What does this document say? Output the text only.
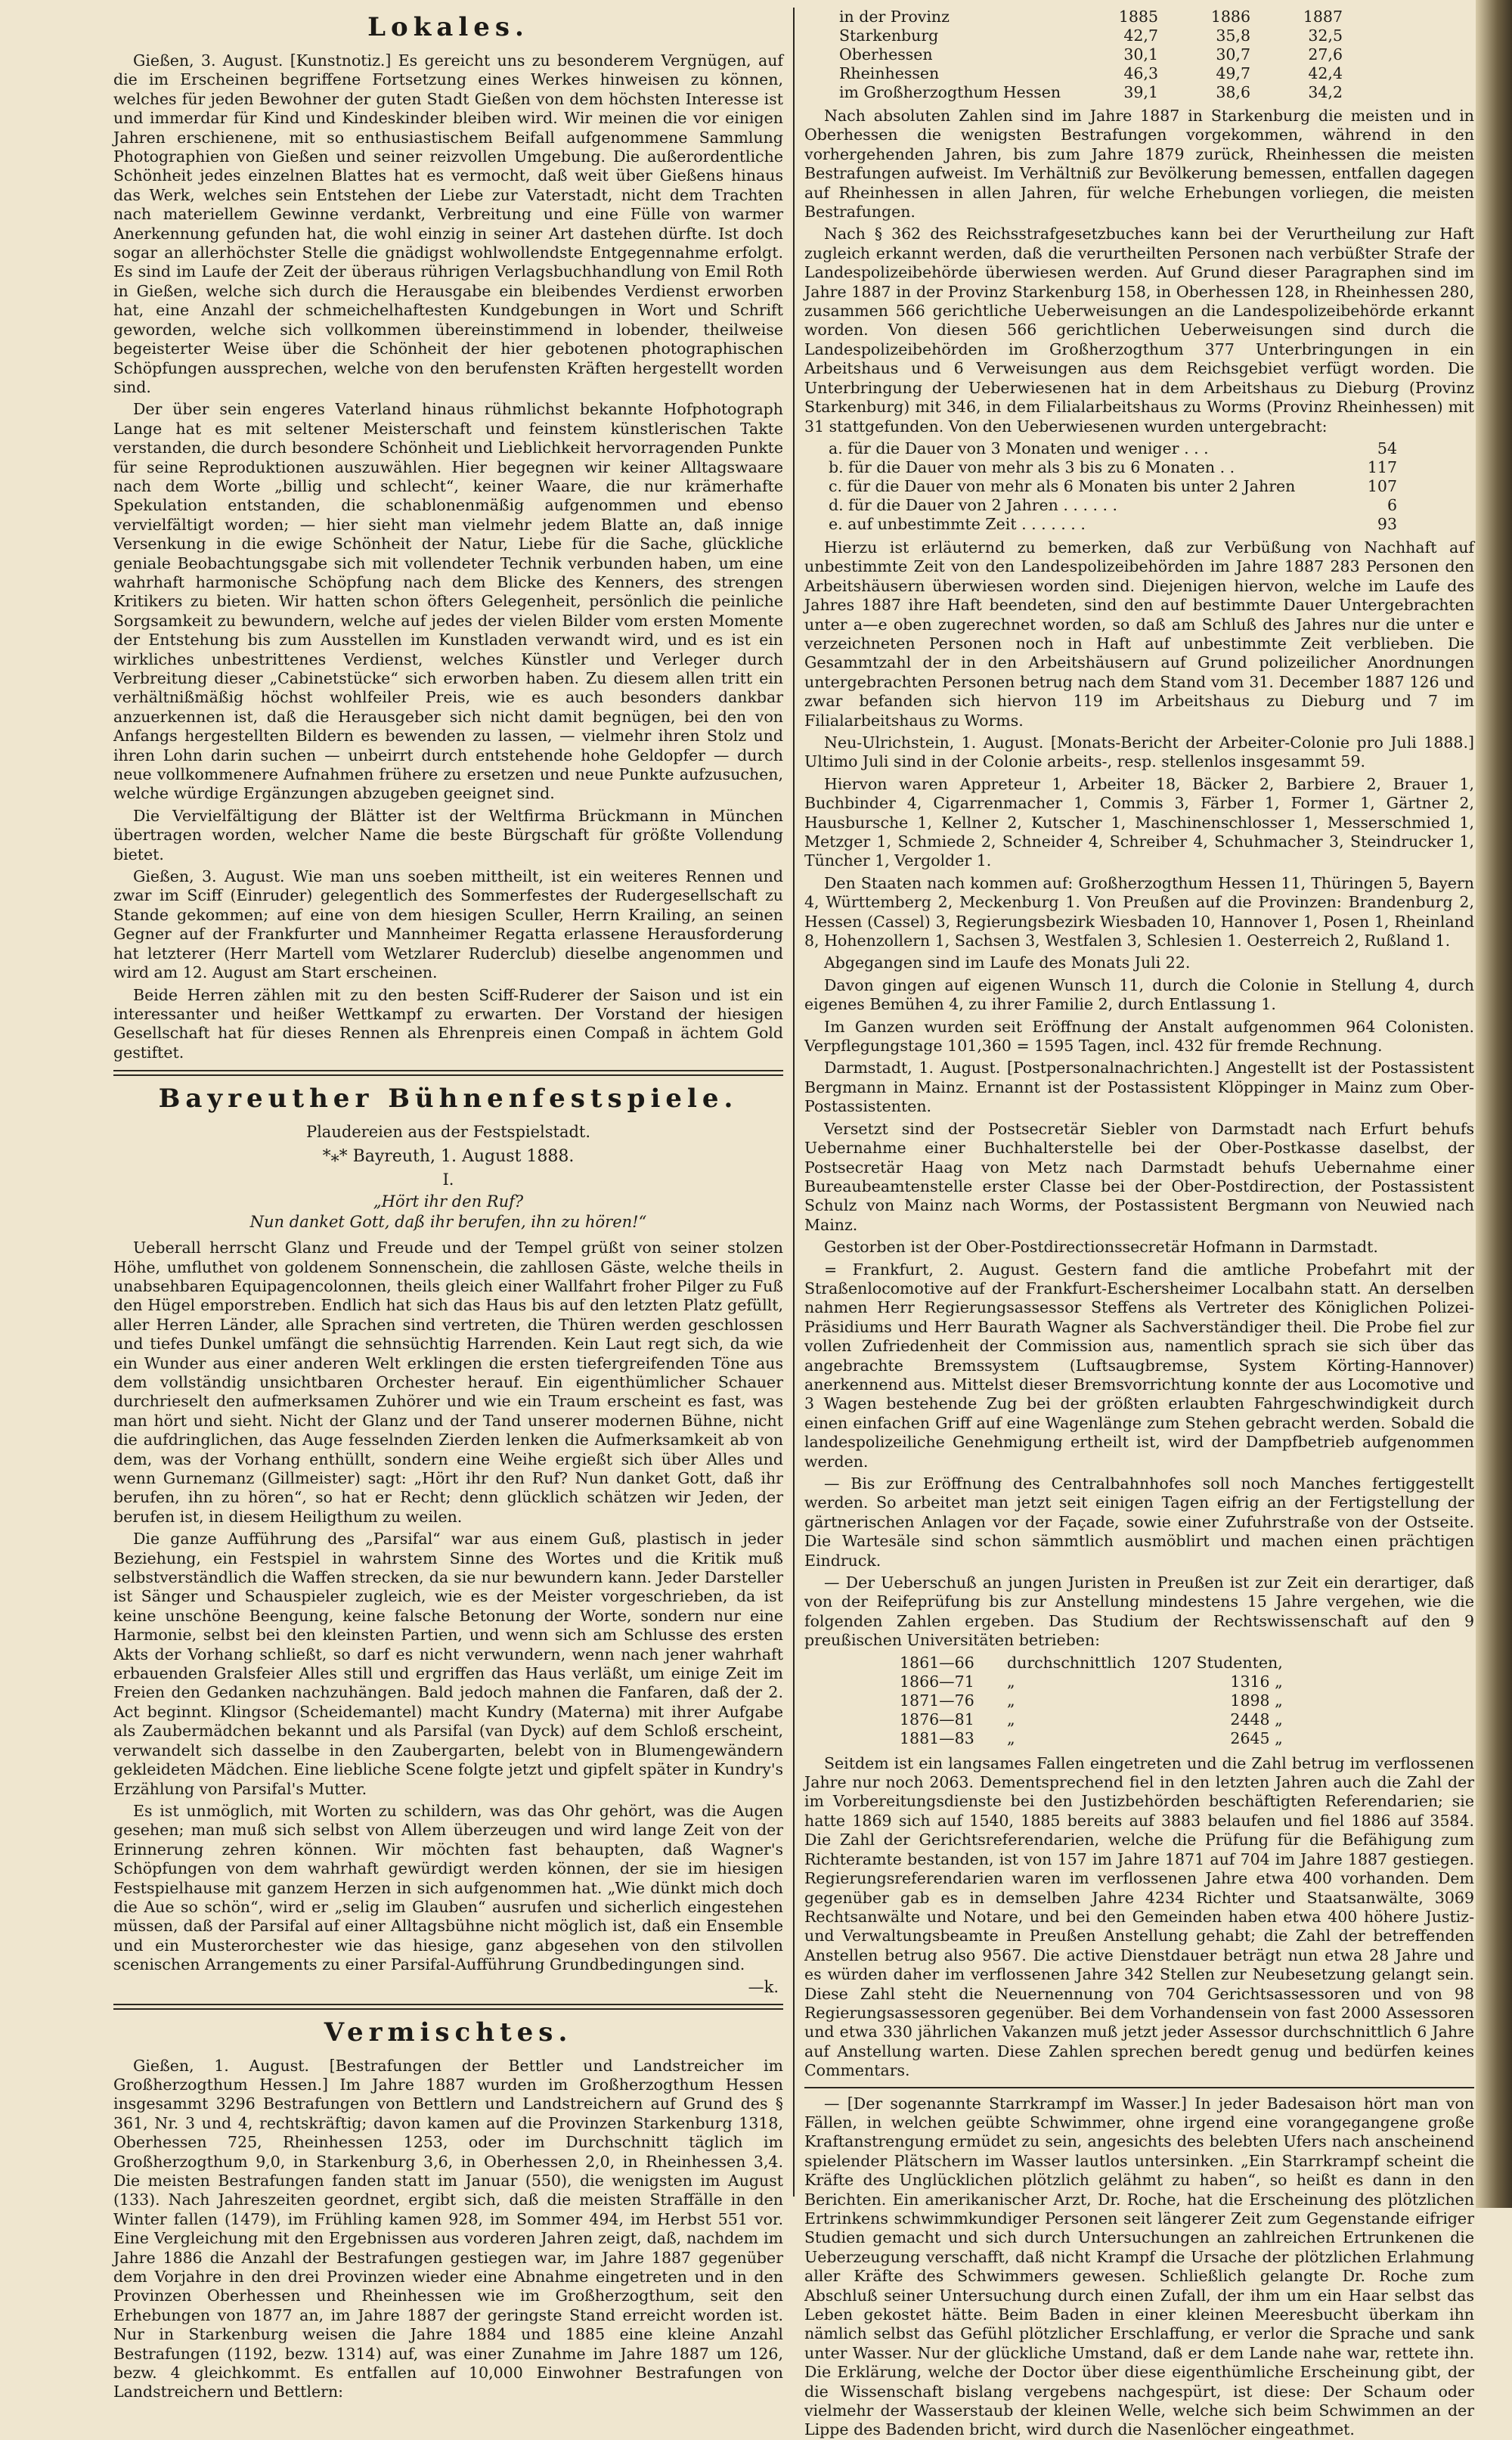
Lokales.

Gießen, 3. August. [Kunstnotiz.] Es gereicht uns zu besonderem Vergnügen, auf die im Erscheinen begriffene Fortsetzung eines Werkes hinweisen zu können, welches für jeden Bewohner der guten Stadt Gießen von dem höchsten Interesse ist und immerdar für Kind und Kindeskinder bleiben wird. Wir meinen die vor einigen Jahren erschienene, mit so enthusiastischem Beifall aufgenommene Sammlung Photographien von Gießen und seiner reizvollen Umgebung. Die außerordentliche Schönheit jedes einzelnen Blattes hat es vermocht, daß weit über Gießens hinaus das Werk, welches sein Entstehen der Liebe zur Vaterstadt, nicht dem Trachten nach materiellem Gewinne verdankt, Verbreitung und eine Fülle von warmer Anerkennung gefunden hat, die wohl einzig in seiner Art dastehen dürfte. Ist doch sogar an allerhöchster Stelle die gnädigst wohlwollendste Entgegennahme erfolgt. Es sind im Laufe der Zeit der überaus rührigen Verlagsbuchhandlung von Emil Roth in Gießen, welche sich durch die Herausgabe ein bleibendes Verdienst erworben hat, eine Anzahl der schmeichelhaftesten Kundgebungen in Wort und Schrift geworden, welche sich vollkommen übereinstimmend in lobender, theilweise begeisterter Weise über die Schönheit der hier gebotenen photographischen Schöpfungen aussprechen, welche von den berufensten Kräften hergestellt worden sind.

Der über sein engeres Vaterland hinaus rühmlichst bekannte Hofphotograph Lange hat es mit seltener Meisterschaft und feinstem künstlerischen Takte verstanden, die durch besondere Schönheit und Lieblichkeit hervorragenden Punkte für seine Reproduktionen auszuwählen. Hier begegnen wir keiner Alltagswaare nach dem Worte „billig und schlecht“, keiner Waare, die nur krämerhafte Spekulation entstanden, die schablonenmäßig aufgenommen und ebenso vervielfältigt worden; — hier sieht man vielmehr jedem Blatte an, daß innige Versenkung in die ewige Schönheit der Natur, Liebe für die Sache, glückliche geniale Beobachtungsgabe sich mit vollendeter Technik verbunden haben, um eine wahrhaft harmonische Schöpfung nach dem Blicke des Kenners, des strengen Kritikers zu bieten. Wir hatten schon öfters Gelegenheit, persönlich die peinliche Sorgsamkeit zu bewundern, welche auf jedes der vielen Bilder vom ersten Momente der Entstehung bis zum Ausstellen im Kunstladen verwandt wird, und es ist ein wirkliches unbestrittenes Verdienst, welches Künstler und Verleger durch Verbreitung dieser „Cabinetstücke“ sich erworben haben. Zu diesem allen tritt ein verhältnißmäßig höchst wohlfeiler Preis, wie es auch besonders dankbar anzuerkennen ist, daß die Herausgeber sich nicht damit begnügen, bei den von Anfangs hergestellten Bildern es bewenden zu lassen, — vielmehr ihren Stolz und ihren Lohn darin suchen — unbeirrt durch entstehende hohe Geldopfer — durch neue vollkommenere Aufnahmen frühere zu ersetzen und neue Punkte aufzusuchen, welche würdige Ergänzungen abzugeben geeignet sind.

Die Vervielfältigung der Blätter ist der Weltfirma Brückmann in München übertragen worden, welcher Name die beste Bürgschaft für größte Vollendung bietet.

Gießen, 3. August. Wie man uns soeben mittheilt, ist ein weiteres Rennen und zwar im Sciff (Einruder) gelegentlich des Sommerfestes der Rudergesellschaft zu Stande gekommen; auf eine von dem hiesigen Sculler, Herrn Krailing, an seinen Gegner auf der Frankfurter und Mannheimer Regatta erlassene Herausforderung hat letzterer (Herr Martell vom Wetzlarer Ruderclub) dieselbe angenommen und wird am 12. August am Start erscheinen.

Beide Herren zählen mit zu den besten Sciff-Ruderer der Saison und ist ein interessanter und heißer Wettkampf zu erwarten. Der Vorstand der hiesigen Gesellschaft hat für dieses Rennen als Ehrenpreis einen Compaß in ächtem Gold gestiftet.

Bayreuther Bühnenfestspiele.
Plaudereien aus der Festspielstadt.
*⁎* Bayreuth, 1. August 1888.
I.
„Hört ihr den Ruf?
Nun danket Gott, daß ihr berufen, ihn zu hören!“

Ueberall herrscht Glanz und Freude und der Tempel grüßt von seiner stolzen Höhe, umfluthet von goldenem Sonnenschein, die zahllosen Gäste, welche theils in unabsehbaren Equipagencolonnen, theils gleich einer Wallfahrt froher Pilger zu Fuß den Hügel emporstreben. Endlich hat sich das Haus bis auf den letzten Platz gefüllt, aller Herren Länder, alle Sprachen sind vertreten, die Thüren werden geschlossen und tiefes Dunkel umfängt die sehnsüchtig Harrenden. Kein Laut regt sich, da wie ein Wunder aus einer anderen Welt erklingen die ersten tiefergreifenden Töne aus dem vollständig unsichtbaren Orchester herauf. Ein eigenthümlicher Schauer durchrieselt den aufmerksamen Zuhörer und wie ein Traum erscheint es fast, was man hört und sieht. Nicht der Glanz und der Tand unserer modernen Bühne, nicht die aufdringlichen, das Auge fesselnden Zierden lenken die Aufmerksamkeit ab von dem, was der Vorhang enthüllt, sondern eine Weihe ergießt sich über Alles und wenn Gurnemanz (Gillmeister) sagt: „Hört ihr den Ruf? Nun danket Gott, daß ihr berufen, ihn zu hören“, so hat er Recht; denn glücklich schätzen wir Jeden, der berufen ist, in diesem Heiligthum zu weilen.

Die ganze Aufführung des „Parsifal“ war aus einem Guß, plastisch in jeder Beziehung, ein Festspiel in wahrstem Sinne des Wortes und die Kritik muß selbstverständlich die Waffen strecken, da sie nur bewundern kann. Jeder Darsteller ist Sänger und Schauspieler zugleich, wie es der Meister vorgeschrieben, da ist keine unschöne Beengung, keine falsche Betonung der Worte, sondern nur eine Harmonie, selbst bei den kleinsten Partien, und wenn sich am Schlusse des ersten Akts der Vorhang schließt, so darf es nicht verwundern, wenn nach jener wahrhaft erbauenden Gralsfeier Alles still und ergriffen das Haus verläßt, um einige Zeit im Freien den Gedanken nachzuhängen. Bald jedoch mahnen die Fanfaren, daß der 2. Act beginnt. Klingsor (Scheidemantel) macht Kundry (Materna) mit ihrer Aufgabe als Zaubermädchen bekannt und als Parsifal (van Dyck) auf dem Schloß erscheint, verwandelt sich dasselbe in den Zaubergarten, belebt von in Blumengewändern gekleideten Mädchen. Eine liebliche Scene folgte jetzt und gipfelt später in Kundry's Erzählung von Parsifal's Mutter.

Es ist unmöglich, mit Worten zu schildern, was das Ohr gehört, was die Augen gesehen; man muß sich selbst von Allem überzeugen und wird lange Zeit von der Erinnerung zehren können. Wir möchten fast behaupten, daß Wagner's Schöpfungen von dem wahrhaft gewürdigt werden können, der sie im hiesigen Festspielhause mit ganzem Herzen in sich aufgenommen hat. „Wie dünkt mich doch die Aue so schön“, wird er „selig im Glauben“ ausrufen und sicherlich eingestehen müssen, daß der Parsifal auf einer Alltagsbühne nicht möglich ist, daß ein Ensemble und ein Musterorchester wie das hiesige, ganz abgesehen von den stilvollen scenischen Arrangements zu einer Parsifal-Aufführung Grundbedingungen sind.

—k.
Vermischtes.

Gießen, 1. August. [Bestrafungen der Bettler und Landstreicher im Großherzogthum Hessen.] Im Jahre 1887 wurden im Großherzogthum Hessen insgesammt 3296 Bestrafungen von Bettlern und Landstreichern auf Grund des § 361, Nr. 3 und 4, rechtskräftig; davon kamen auf die Provinzen Starkenburg 1318, Oberhessen 725, Rheinhessen 1253, oder im Durchschnitt täglich im Großherzogthum 9,0, in Starkenburg 3,6, in Oberhessen 2,0, in Rheinhessen 3,4. Die meisten Bestrafungen fanden statt im Januar (550), die wenigsten im August (133). Nach Jahreszeiten geordnet, ergibt sich, daß die meisten Straffälle in den Winter fallen (1479), im Frühling kamen 928, im Sommer 494, im Herbst 551 vor. Eine Vergleichung mit den Ergebnissen aus vorderen Jahren zeigt, daß, nachdem im Jahre 1886 die Anzahl der Bestrafungen gestiegen war, im Jahre 1887 gegenüber dem Vorjahre in den drei Provinzen wieder eine Abnahme eingetreten und in den Provinzen Oberhessen und Rheinhessen wie im Großherzogthum, seit den Erhebungen von 1877 an, im Jahre 1887 der geringste Stand erreicht worden ist. Nur in Starkenburg weisen die Jahre 1884 und 1885 eine kleine Anzahl Bestrafungen (1192, bezw. 1314) auf, was einer Zunahme im Jahre 1887 um 126, bezw. 4 gleichkommt. Es entfallen auf 10,000 Einwohner Bestrafungen von Landstreichern und Bettlern:

in der Provinz	1885	1886	1887
Starkenburg	42,7	35,8	32,5
Oberhessen	30,1	30,7	27,6
Rheinhessen	46,3	49,7	42,4
im Großherzogthum Hessen	39,1	38,6	34,2

Nach absoluten Zahlen sind im Jahre 1887 in Starkenburg die meisten und in Oberhessen die wenigsten Bestrafungen vorgekommen, während in den vorhergehenden Jahren, bis zum Jahre 1879 zurück, Rheinhessen die meisten Bestrafungen aufweist. Im Verhältniß zur Bevölkerung bemessen, entfallen dagegen auf Rheinhessen in allen Jahren, für welche Erhebungen vorliegen, die meisten Bestrafungen.

Nach § 362 des Reichsstrafgesetzbuches kann bei der Verurtheilung zur Haft zugleich erkannt werden, daß die verurtheilten Personen nach verbüßter Strafe der Landespolizeibehörde überwiesen werden. Auf Grund dieser Paragraphen sind im Jahre 1887 in der Provinz Starkenburg 158, in Oberhessen 128, in Rheinhessen 280, zusammen 566 gerichtliche Ueberweisungen an die Landespolizeibehörde erkannt worden. Von diesen 566 gerichtlichen Ueberweisungen sind durch die Landespolizeibehörden im Großherzogthum 377 Unterbringungen in ein Arbeitshaus und 6 Verweisungen aus dem Reichsgebiet verfügt worden. Die Unterbringung der Ueberwiesenen hat in dem Arbeitshaus zu Dieburg (Provinz Starkenburg) mit 346, in dem Filialarbeitshaus zu Worms (Provinz Rheinhessen) mit 31 stattgefunden. Von den Ueberwiesenen wurden untergebracht:

a. für die Dauer von 3 Monaten und weniger . . .	54
b. für die Dauer von mehr als 3 bis zu 6 Monaten . .	117
c. für die Dauer von mehr als 6 Monaten bis unter 2 Jahren	107
d. für die Dauer von 2 Jahren . . . . . .	6
e. auf unbestimmte Zeit . . . . . . .	93

Hierzu ist erläuternd zu bemerken, daß zur Verbüßung von Nachhaft auf unbestimmte Zeit von den Landespolizeibehörden im Jahre 1887 283 Personen den Arbeitshäusern überwiesen worden sind. Diejenigen hiervon, welche im Laufe des Jahres 1887 ihre Haft beendeten, sind den auf bestimmte Dauer Untergebrachten unter a—e oben zugerechnet worden, so daß am Schluß des Jahres nur die unter e verzeichneten Personen noch in Haft auf unbestimmte Zeit verblieben. Die Gesammtzahl der in den Arbeitshäusern auf Grund polizeilicher Anordnungen untergebrachten Personen betrug nach dem Stand vom 31. December 1887 126 und zwar befanden sich hiervon 119 im Arbeitshaus zu Dieburg und 7 im Filialarbeitshaus zu Worms.

Neu-Ulrichstein, 1. August. [Monats-Bericht der Arbeiter-Colonie pro Juli 1888.] Ultimo Juli sind in der Colonie arbeits-, resp. stellenlos insgesammt 59.

Hiervon waren Appreteur 1, Arbeiter 18, Bäcker 2, Barbiere 2, Brauer 1, Buchbinder 4, Cigarrenmacher 1, Commis 3, Färber 1, Former 1, Gärtner 2, Hausbursche 1, Kellner 2, Kutscher 1, Maschinenschlosser 1, Messerschmied 1, Metzger 1, Schmiede 2, Schneider 4, Schreiber 4, Schuhmacher 3, Steindrucker 1, Tüncher 1, Vergolder 1.

Den Staaten nach kommen auf: Großherzogthum Hessen 11, Thüringen 5, Bayern 4, Württemberg 2, Meckenburg 1. Von Preußen auf die Provinzen: Brandenburg 2, Hessen (Cassel) 3, Regierungsbezirk Wiesbaden 10, Hannover 1, Posen 1, Rheinland 8, Hohenzollern 1, Sachsen 3, Westfalen 3, Schlesien 1. Oesterreich 2, Rußland 1.

Abgegangen sind im Laufe des Monats Juli 22.

Davon gingen auf eigenen Wunsch 11, durch die Colonie in Stellung 4, durch eigenes Bemühen 4, zu ihrer Familie 2, durch Entlassung 1.

Im Ganzen wurden seit Eröffnung der Anstalt aufgenommen 964 Colonisten. Verpflegungstage 101,360 = 1595 Tagen, incl. 432 für fremde Rechnung.

Darmstadt, 1. August. [Postpersonalnachrichten.] Angestellt ist der Postassistent Bergmann in Mainz. Ernannt ist der Postassistent Klöppinger in Mainz zum Ober-Postassistenten.

Versetzt sind der Postsecretär Siebler von Darmstadt nach Erfurt behufs Uebernahme einer Buchhalterstelle bei der Ober-Postkasse daselbst, der Postsecretär Haag von Metz nach Darmstadt behufs Uebernahme einer Bureaubeamtenstelle erster Classe bei der Ober-Postdirection, der Postassistent Schulz von Mainz nach Worms, der Postassistent Bergmann von Neuwied nach Mainz.

Gestorben ist der Ober-Postdirectionssecretär Hofmann in Darmstadt.

= Frankfurt, 2. August. Gestern fand die amtliche Probefahrt mit der Straßenlocomotive auf der Frankfurt-Eschersheimer Localbahn statt. An derselben nahmen Herr Regierungsassessor Steffens als Vertreter des Königlichen Polizei-Präsidiums und Herr Baurath Wagner als Sachverständiger theil. Die Probe fiel zur vollen Zufriedenheit der Commission aus, namentlich sprach sie sich über das angebrachte Bremssystem (Luftsaugbremse, System Körting-Hannover) anerkennend aus. Mittelst dieser Bremsvorrichtung konnte der aus Locomotive und 3 Wagen bestehende Zug bei der größten erlaubten Fahrgeschwindigkeit durch einen einfachen Griff auf eine Wagenlänge zum Stehen gebracht werden. Sobald die landespolizeiliche Genehmigung ertheilt ist, wird der Dampfbetrieb aufgenommen werden.

— Bis zur Eröffnung des Centralbahnhofes soll noch Manches fertiggestellt werden. So arbeitet man jetzt seit einigen Tagen eifrig an der Fertigstellung der gärtnerischen Anlagen vor der Façade, sowie einer Zufuhrstraße von der Ostseite. Die Wartesäle sind schon sämmtlich ausmöblirt und machen einen prächtigen Eindruck.

— Der Ueberschuß an jungen Juristen in Preußen ist zur Zeit ein derartiger, daß von der Reifeprüfung bis zur Anstellung mindestens 15 Jahre vergehen, wie die folgenden Zahlen ergeben. Das Studium der Rechtswissenschaft auf den 9 preußischen Universitäten betrieben:

1861—66	durchschnittlich	1207 Studenten,
1866—71	„	1316 „
1871—76	„	1898 „
1876—81	„	2448 „
1881—83	„	2645 „

Seitdem ist ein langsames Fallen eingetreten und die Zahl betrug im verflossenen Jahre nur noch 2063. Dementsprechend fiel in den letzten Jahren auch die Zahl der im Vorbereitungsdienste bei den Justizbehörden beschäftigten Referendarien; sie hatte 1869 sich auf 1540, 1885 bereits auf 3883 belaufen und fiel 1886 auf 3584. Die Zahl der Gerichtsreferendarien, welche die Prüfung für die Befähigung zum Richteramte bestanden, ist von 157 im Jahre 1871 auf 704 im Jahre 1887 gestiegen. Regierungsreferendarien waren im verflossenen Jahre etwa 400 vorhanden. Dem gegenüber gab es in demselben Jahre 4234 Richter und Staatsanwälte, 3069 Rechtsanwälte und Notare, und bei den Gemeinden haben etwa 400 höhere Justiz- und Verwaltungsbeamte in Preußen Anstellung gehabt; die Zahl der betreffenden Anstellen betrug also 9567. Die active Dienstdauer beträgt nun etwa 28 Jahre und es würden daher im verflossenen Jahre 342 Stellen zur Neubesetzung gelangt sein. Diese Zahl steht die Neuernennung von 704 Gerichtsassessoren und von 98 Regierungsassessoren gegenüber. Bei dem Vorhandensein von fast 2000 Assessoren und etwa 330 jährlichen Vakanzen muß jetzt jeder Assessor durchschnittlich 6 Jahre auf Anstellung warten. Diese Zahlen sprechen beredt genug und bedürfen keines Commentars.

— [Der sogenannte Starrkrampf im Wasser.] In jeder Badesaison hört man von Fällen, in welchen geübte Schwimmer, ohne irgend eine vorangegangene große Kraftanstrengung ermüdet zu sein, angesichts des belebten Ufers nach anscheinend spielender Plätschern im Wasser lautlos untersinken. „Ein Starrkrampf scheint die Kräfte des Unglücklichen plötzlich gelähmt zu haben“, so heißt es dann in den Berichten. Ein amerikanischer Arzt, Dr. Roche, hat die Erscheinung des plötzlichen Ertrinkens schwimmkundiger Personen seit längerer Zeit zum Gegenstande eifriger Studien gemacht und sich durch Untersuchungen an zahlreichen Ertrunkenen die Ueberzeugung verschafft, daß nicht Krampf die Ursache der plötzlichen Erlahmung aller Kräfte des Schwimmers gewesen. Schließlich gelangte Dr. Roche zum Abschluß seiner Untersuchung durch einen Zufall, der ihm um ein Haar selbst das Leben gekostet hätte. Beim Baden in einer kleinen Meeresbucht überkam ihn nämlich selbst das Gefühl plötzlicher Erschlaffung, er verlor die Sprache und sank unter Wasser. Nur der glückliche Umstand, daß er dem Lande nahe war, rettete ihn. Die Erklärung, welche der Doctor über diese eigenthümliche Erscheinung gibt, der die Wissenschaft bislang vergebens nachgespürt, ist diese: Der Schaum oder vielmehr der Wasserstaub der kleinen Welle, welche sich beim Schwimmen an der Lippe des Badenden bricht, wird durch die Nasenlöcher eingeathmet.
